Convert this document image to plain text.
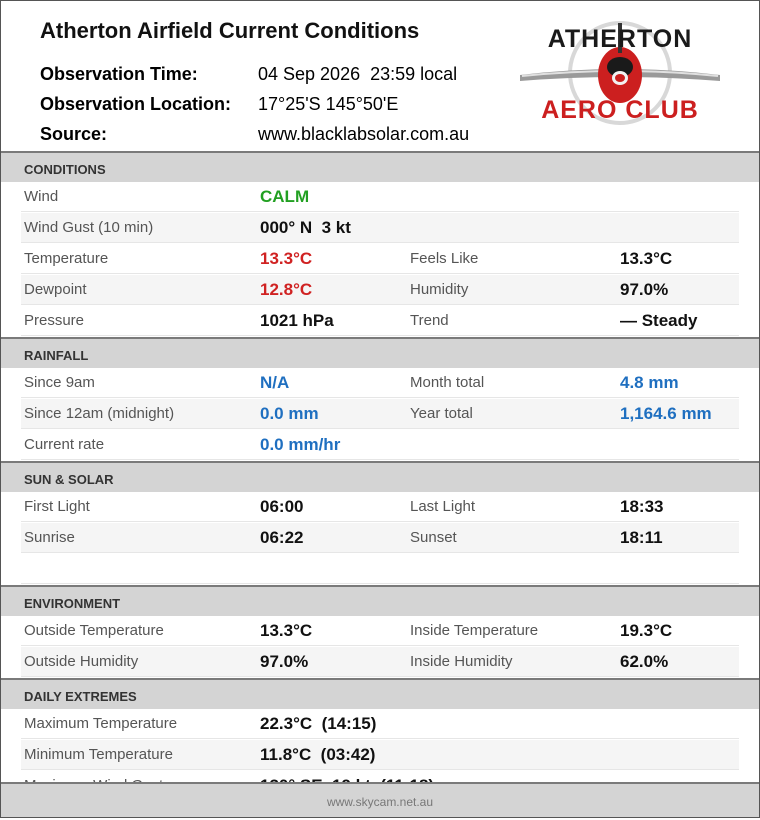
Atherton Airfield Current Conditions
Observation Time:	04 Sep 2026  23:59 local
Observation Location: 17°25'S 145°50'E
Source:	www.blacklabsolar.com.au
ATHERTON
AERO CLUB
CONDITIONS
Wind	CALM
Wind Gust (10 min)	000° N  3 kt
Temperature	13.3°C	Feels Like	13.3°C
Dewpoint	12.8°C	Humidity	97.0%
Pressure	1021 hPa	Trend	— Steady
RAINFALL
Since 9am	N/A	Month total	4.8 mm
Since 12am (midnight)	0.0 mm	Year total	1,164.6 mm
Current rate	0.0 mm/hr
SUN & SOLAR
First Light	06:00	Last Light	18:33
Sunrise	06:22	Sunset	18:11
ENVIRONMENT
Outside Temperature	13.3°C	Inside Temperature	19.3°C
Outside Humidity	97.0%	Inside Humidity	62.0%
DAILY EXTREMES
Maximum Temperature	22.3°C  (14:15)
Minimum Temperature	11.8°C  (03:42)
www.skycam.net.au
